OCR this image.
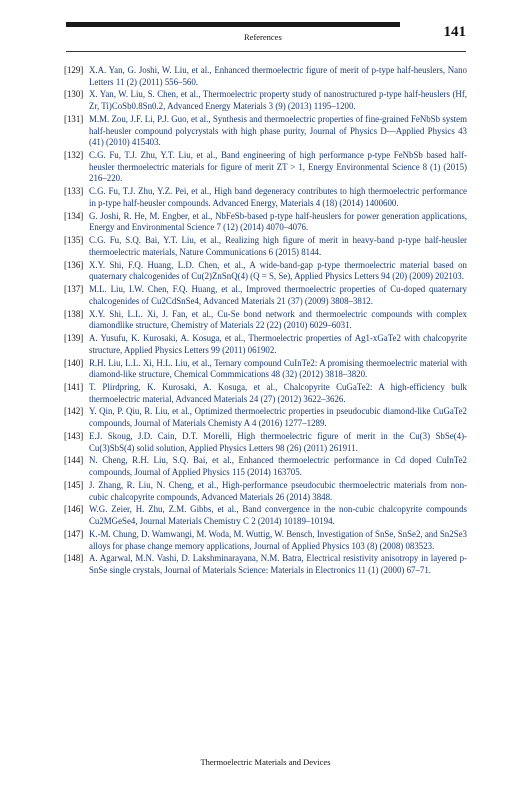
References	141
[129] X.A. Yan, G. Joshi, W. Liu, et al., Enhanced thermoelectric figure of merit of p-type half-heuslers, Nano Letters 11 (2) (2011) 556–560.
[130] X. Yan, W. Liu, S. Chen, et al., Thermoelectric property study of nanostructured p-type half-heuslers (Hf, Zr, Ti)CoSb0.8Sn0.2, Advanced Energy Materials 3 (9) (2013) 1195–1200.
[131] M.M. Zou, J.F. Li, P.J. Guo, et al., Synthesis and thermoelectric properties of fine-grained FeNbSb system half-heusler compound polycrystals with high phase purity, Journal of Physics D—Applied Physics 43 (41) (2010) 415403.
[132] C.G. Fu, T.J. Zhu, Y.T. Liu, et al., Band engineering of high performance p-type FeNbSb based half-heusler thermoelectric materials for figure of merit ZT > 1, Energy Environmental Science 8 (1) (2015) 216–220.
[133] C.G. Fu, T.J. Zhu, Y.Z. Pei, et al., High band degeneracy contributes to high thermoelectric performance in p-type half-heusler compounds. Advanced Energy, Materials 4 (18) (2014) 1400600.
[134] G. Joshi, R. He, M. Engber, et al., NbFeSb-based p-type half-heuslers for power generation applications, Energy and Environmental Science 7 (12) (2014) 4070–4076.
[135] C.G. Fu, S.Q. Bai, Y.T. Liu, et al., Realizing high figure of merit in heavy-band p-type half-heusler thermoelectric materials, Nature Communications 6 (2015) 8144.
[136] X.Y. Shi, F.Q. Huang, L.D. Chen, et al., A wide-band-gap p-type thermoelectric material based on quaternary chalcogenides of Cu(2)ZnSnQ(4) (Q = S, Se), Applied Physics Letters 94 (20) (2009) 202103.
[137] M.L. Liu, I.W. Chen, F.Q. Huang, et al., Improved thermoelectric properties of Cu-doped quaternary chalcogenides of Cu2CdSnSe4, Advanced Materials 21 (37) (2009) 3808–3812.
[138] X.Y. Shi, L.L. Xi, J. Fan, et al., Cu-Se bond network and thermoelectric compounds with complex diamondlike structure, Chemistry of Materials 22 (22) (2010) 6029–6031.
[139] A. Yusufu, K. Kurosaki, A. Kosuga, et al., Thermoelectric properties of Ag1-xGaTe2 with chalcopyrite structure, Applied Physics Letters 99 (2011) 061902.
[140] R.H. Liu, L.L. Xi, H.L. Liu, et al., Ternary compound CuInTe2: A promising thermoelectric material with diamond-like structure, Chemical Commmications 48 (32) (2012) 3818–3820.
[141] T. Plirdpring, K. Kurosaki, A. Kosuga, et al., Chalcopyrite CuGaTe2: A high-efficiency bulk thermoelectric material, Advanced Materials 24 (27) (2012) 3622–3626.
[142] Y. Qin, P. Qiu, R. Liu, et al., Optimized thermoelectric properties in pseudocubic diamond-like CuGaTe2 compounds, Journal of Materials Chemisty A 4 (2016) 1277–1289.
[143] E.J. Skoug, J.D. Cain, D.T. Morelli, High thermoelectric figure of merit in the Cu(3) SbSe(4)-Cu(3)SbS(4) solid solution, Applied Physics Letters 98 (26) (2011) 261911.
[144] N. Cheng, R.H. Liu, S.Q. Bai, et al., Enhanced thermoelectric performance in Cd doped CuInTe2 compounds, Journal of Applied Physics 115 (2014) 163705.
[145] J. Zhang, R. Liu, N. Cheng, et al., High-performance pseudocubic thermoelectric materials from non-cubic chalcopyrite compounds, Advanced Materials 26 (2014) 3848.
[146] W.G. Zeier, H. Zhu, Z.M. Gibbs, et al., Band convergence in the non-cubic chalcopyrite compounds Cu2MGeSe4, Journal Materials Chemistry C 2 (2014) 10189–10194.
[147] K.-M. Chung, D. Wamwangi, M. Woda, M. Wuttig, W. Bensch, Investigation of SnSe, SnSe2, and Sn2Se3 alloys for phase change memory applications, Journal of Applied Physics 103 (8) (2008) 083523.
[148] A. Agarwal, M.N. Vashi, D. Lakshminarayana, N.M. Batra, Electrical resistivity anisotropy in layered p-SnSe single crystals, Journal of Materials Science: Materials in Electronics 11 (1) (2000) 67–71.
Thermoelectric Materials and Devices
